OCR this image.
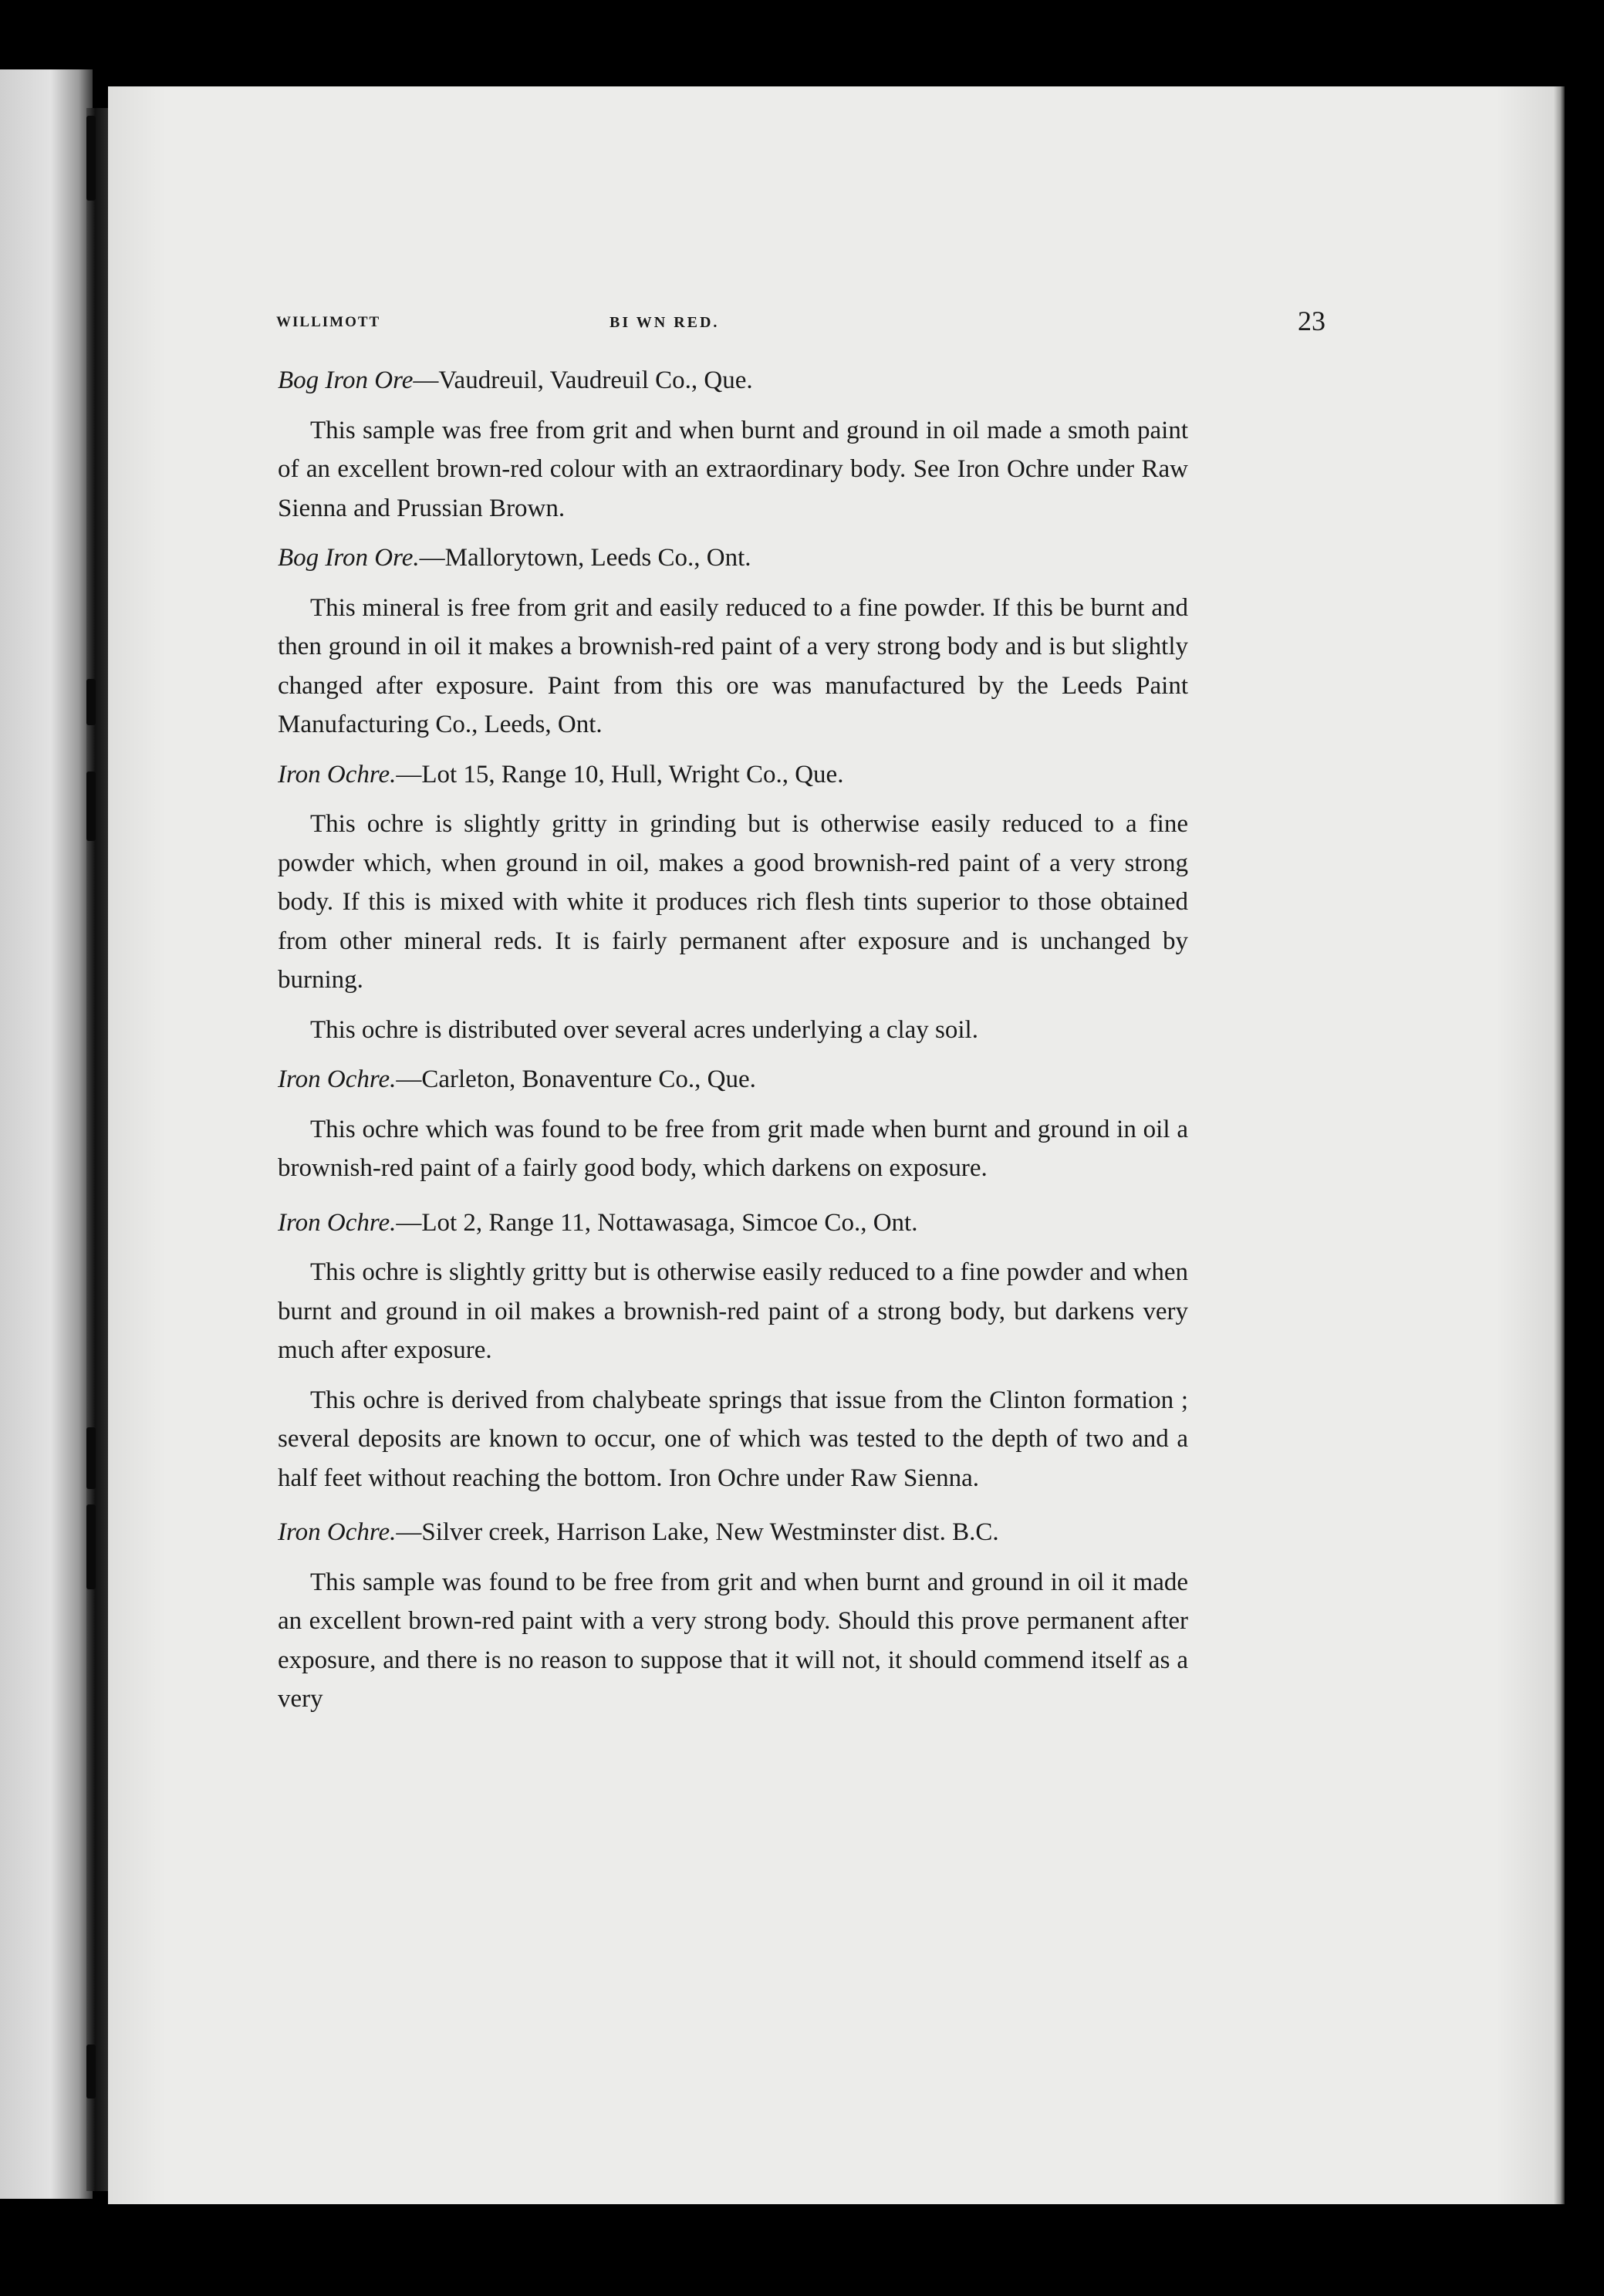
WILLIMOTT	BI WN RED.	23
Bog Iron Ore—Vaudreuil, Vaudreuil Co., Que.

This sample was free from grit and when burnt and ground in oil made a smoth paint of an excellent brown-red colour with an extraordinary body. See Iron Ochre under Raw Sienna and Prussian Brown.

Bog Iron Ore.—Mallorytown, Leeds Co., Ont.

This mineral is free from grit and easily reduced to a fine powder. If this be burnt and then ground in oil it makes a brownish-red paint of a very strong body and is but slightly changed after exposure. Paint from this ore was manufactured by the Leeds Paint Manufacturing Co., Leeds, Ont.

Iron Ochre.—Lot 15, Range 10, Hull, Wright Co., Que.

This ochre is slightly gritty in grinding but is otherwise easily reduced to a fine powder which, when ground in oil, makes a good brownish-red paint of a very strong body. If this is mixed with white it produces rich flesh tints superior to those obtained from other mineral reds. It is fairly permanent after exposure and is unchanged by burning.

This ochre is distributed over several acres underlying a clay soil.

Iron Ochre.—Carleton, Bonaventure Co., Que.

This ochre which was found to be free from grit made when burnt and ground in oil a brownish-red paint of a fairly good body, which darkens on exposure.

Iron Ochre.—Lot 2, Range 11, Nottawasaga, Simcoe Co., Ont.

This ochre is slightly gritty but is otherwise easily reduced to a fine powder and when burnt and ground in oil makes a brownish-red paint of a strong body, but darkens very much after exposure.

This ochre is derived from chalybeate springs that issue from the Clinton formation ; several deposits are known to occur, one of which was tested to the depth of two and a half feet without reaching the bottom. Iron Ochre under Raw Sienna.

Iron Ochre.—Silver creek, Harrison Lake, New Westminster dist. B.C.

This sample was found to be free from grit and when burnt and ground in oil it made an excellent brown-red paint with a very strong body. Should this prove permanent after exposure, and there is no reason to suppose that it will not, it should commend itself as a very
